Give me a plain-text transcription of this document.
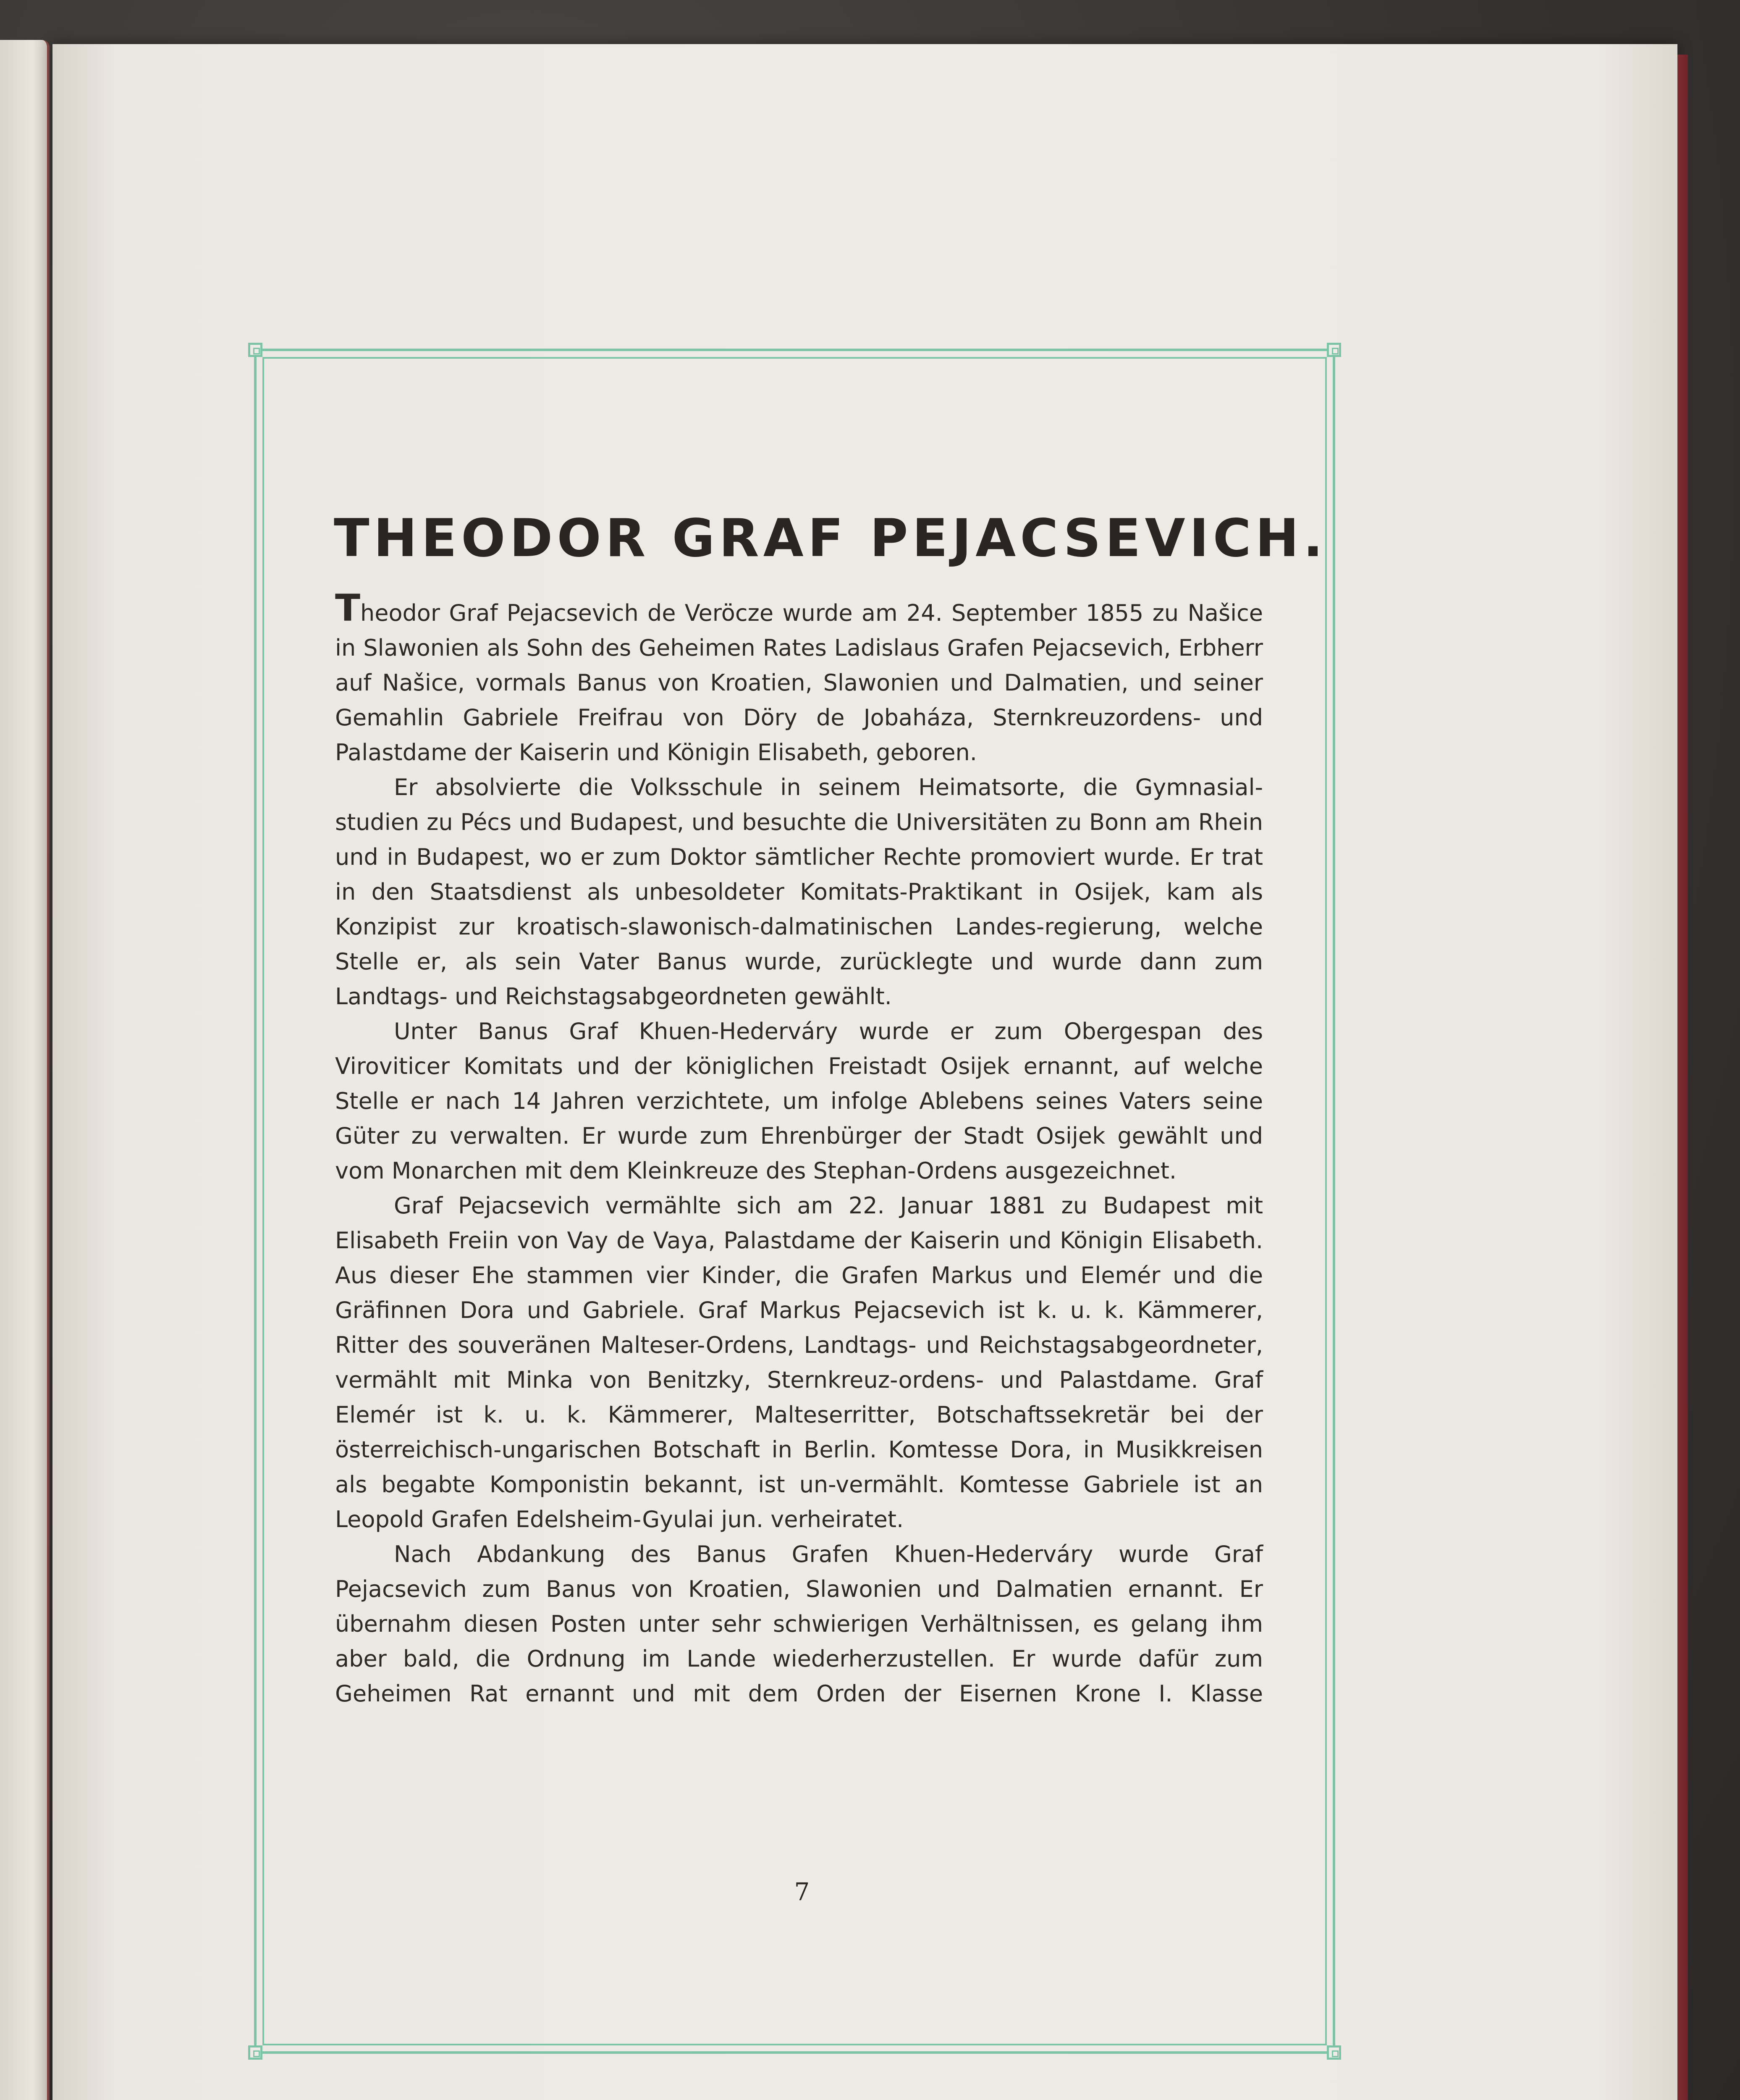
THEODOR GRAF PEJACSEVICH.

Theodor Graf Pejacsevich de Veröcze wurde am 24. September 1855 zu Našice in Slawonien als Sohn des Geheimen Rates Ladislaus Grafen Pejacsevich, Erbherr auf Našice, vormals Banus von Kroatien, Slawonien und Dalmatien, und seiner Gemahlin Gabriele Freifrau von Döry de Jobaháza, Sternkreuzordens- und Palastdame der Kaiserin und Königin Elisabeth, geboren.

Er absolvierte die Volksschule in seinem Heimatsorte, die Gymnasial-studien zu Pécs und Budapest, und besuchte die Universitäten zu Bonn am Rhein und in Budapest, wo er zum Doktor sämtlicher Rechte promoviert wurde. Er trat in den Staatsdienst als unbesoldeter Komitats-Praktikant in Osijek, kam als Konzipist zur kroatisch-slawonisch-dalmatinischen Landes-regierung, welche Stelle er, als sein Vater Banus wurde, zurücklegte und wurde dann zum Landtags- und Reichstagsabgeordneten gewählt.

Unter Banus Graf Khuen-Hederváry wurde er zum Obergespan des Viroviticer Komitats und der königlichen Freistadt Osijek ernannt, auf welche Stelle er nach 14 Jahren verzichtete, um infolge Ablebens seines Vaters seine Güter zu verwalten. Er wurde zum Ehrenbürger der Stadt Osijek gewählt und vom Monarchen mit dem Kleinkreuze des Stephan-Ordens ausgezeichnet.

Graf Pejacsevich vermählte sich am 22. Januar 1881 zu Budapest mit Elisabeth Freiin von Vay de Vaya, Palastdame der Kaiserin und Königin Elisabeth. Aus dieser Ehe stammen vier Kinder, die Grafen Markus und Elemér und die Gräfinnen Dora und Gabriele. Graf Markus Pejacsevich ist k. u. k. Kämmerer, Ritter des souveränen Malteser-Ordens, Landtags- und Reichstagsabgeordneter, vermählt mit Minka von Benitzky, Sternkreuz-ordens- und Palastdame. Graf Elemér ist k. u. k. Kämmerer, Malteserritter, Botschaftssekretär bei der österreichisch-ungarischen Botschaft in Berlin. Komtesse Dora, in Musikkreisen als begabte Komponistin bekannt, ist un-vermählt. Komtesse Gabriele ist an Leopold Grafen Edelsheim-Gyulai jun. verheiratet.

Nach Abdankung des Banus Grafen Khuen-Hederváry wurde Graf Pejacsevich zum Banus von Kroatien, Slawonien und Dalmatien ernannt. Er übernahm diesen Posten unter sehr schwierigen Verhältnissen, es gelang ihm aber bald, die Ordnung im Lande wiederherzustellen. Er wurde dafür zum Geheimen Rat ernannt und mit dem Orden der Eisernen Krone I. Klasse

7
